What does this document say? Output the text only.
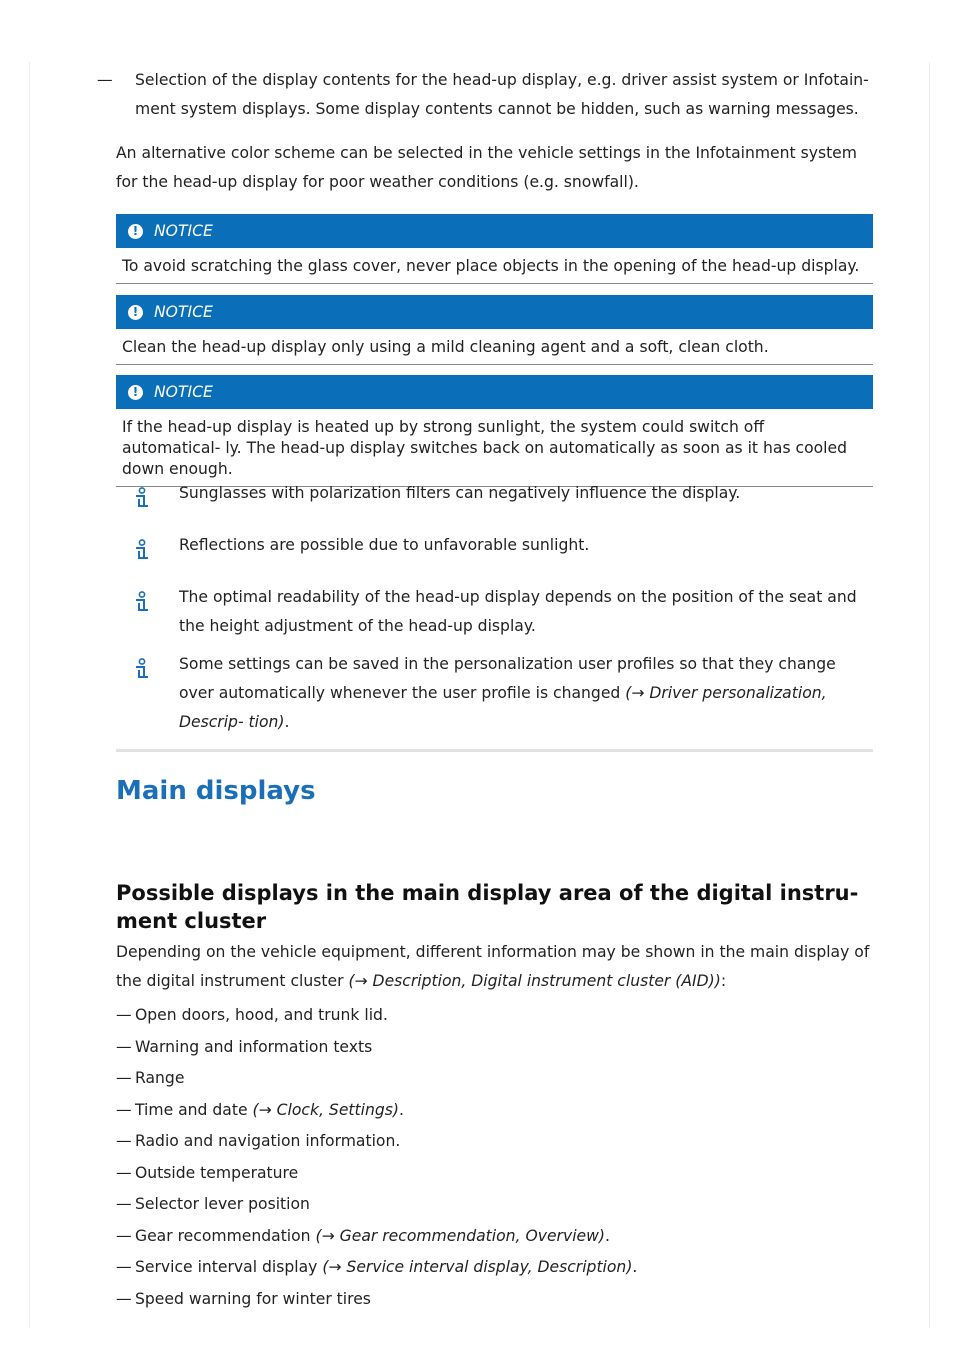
— Selection of the display contents for the head-up display, e.g. driver assist system or Infotain- ment system displays. Some display contents cannot be hidden, such as warning messages.
An alternative color scheme can be selected in the vehicle settings in the Infotainment system for the head-up display for poor weather conditions (e.g. snowfall).
!	NOTICE
To avoid scratching the glass cover, never place objects in the opening of the head-up display.
!	NOTICE
Clean the head-up display only using a mild cleaning agent and a soft, clean cloth.
!	NOTICE
If the head-up display is heated up by strong sunlight, the system could switch off automatical- ly. The head-up display switches back on automatically as soon as it has cooled down enough.
Sunglasses with polarization filters can negatively influence the display.
Reflections are possible due to unfavorable sunlight.
The optimal readability of the head-up display depends on the position of the seat and the height adjustment of the head-up display.
Some settings can be saved in the personalization user profiles so that they change over automatically whenever the user profile is changed (→ Driver personalization, Descrip- tion).
Main displays
Possible displays in the main display area of the digital instru- ment cluster
Depending on the vehicle equipment, different information may be shown in the main display of the digital instrument cluster (→ Description, Digital instrument cluster (AID)):
— Open doors, hood, and trunk lid.
— Warning and information texts
— Range
— Time and date (→ Clock, Settings).
— Radio and navigation information.
— Outside temperature
— Selector lever position
— Gear recommendation (→ Gear recommendation, Overview).
— Service interval display (→ Service interval display, Description).
— Speed warning for winter tires
